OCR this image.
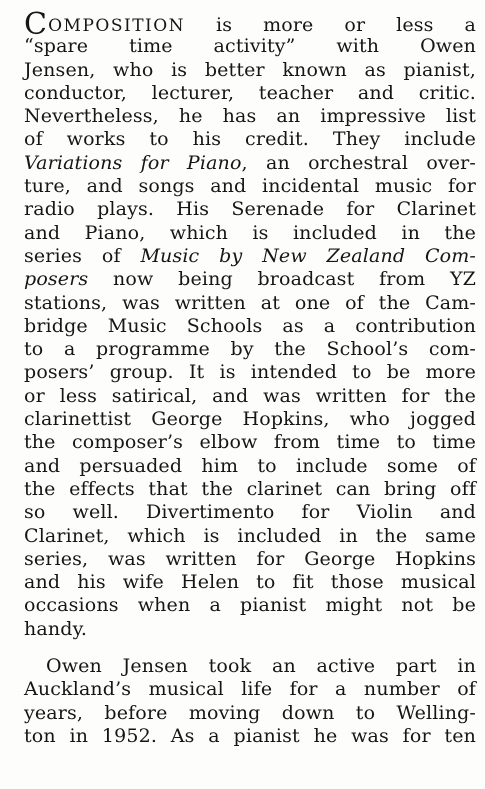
COMPOSITION is more or less a
“spare time activity” with Owen
Jensen, who is better known as pianist,
conductor, lecturer, teacher and critic.
Nevertheless, he has an impressive list
of works to his credit. They include
Variations for Piano, an orchestral over-
ture, and songs and incidental music for
radio plays. His Serenade for Clarinet
and Piano, which is included in the
series of Music by New Zealand Com-
posers now being broadcast from YZ
stations, was written at one of the Cam-
bridge Music Schools as a contribution
to a programme by the School’s com-
posers’ group. It is intended to be more
or less satirical, and was written for the
clarinettist George Hopkins, who jogged
the composer’s elbow from time to time
and persuaded him to include some of
the effects that the clarinet can bring off
so well. Divertimento for Violin and
Clarinet, which is included in the same
series, was written for George Hopkins
and his wife Helen to fit those musical
occasions when a pianist might not be
handy.
Owen Jensen took an active part in
Auckland’s musical life for a number of
years, before moving down to Welling-
ton in 1952. As a pianist he was for ten
